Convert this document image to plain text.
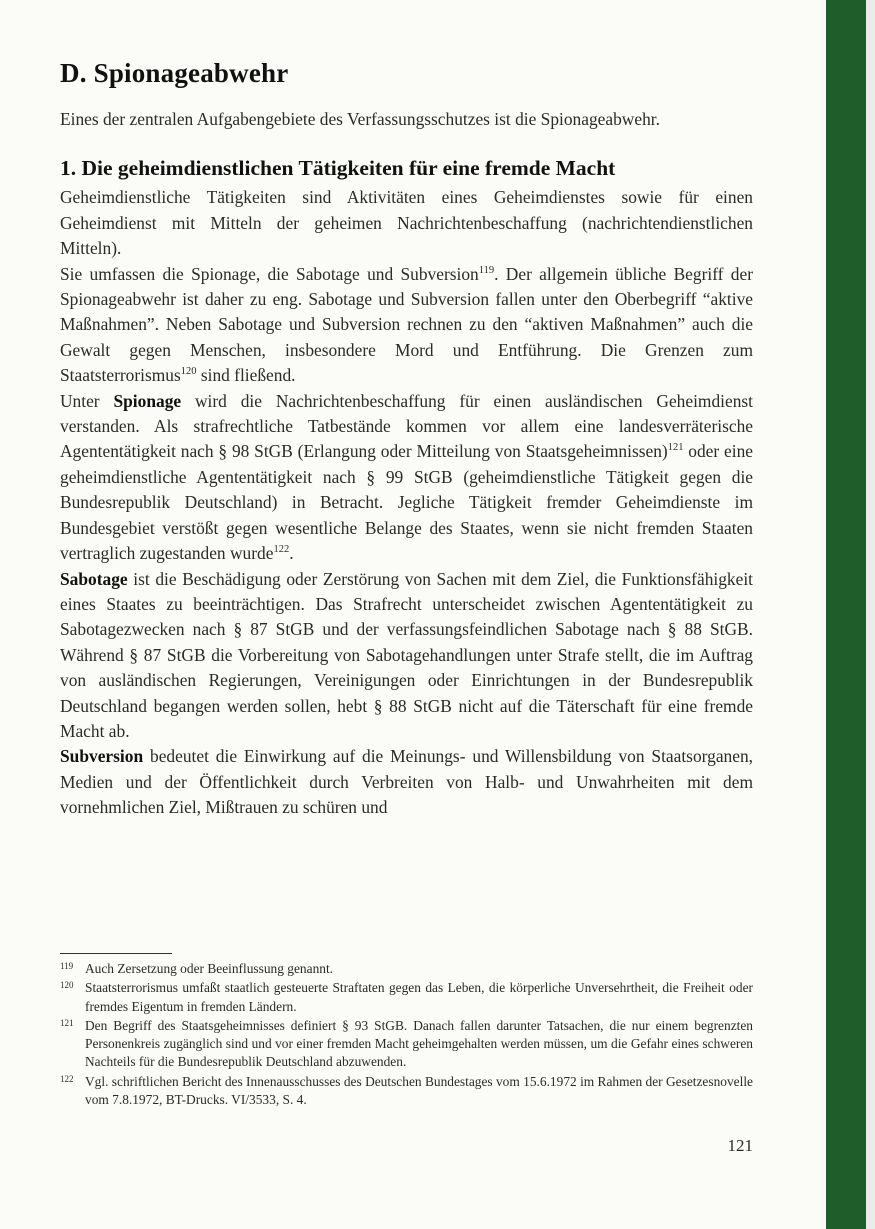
D. Spionageabwehr

Eines der zentralen Aufgabengebiete des Verfassungsschutzes ist die Spionageabwehr.

1. Die geheimdienstlichen Tätigkeiten für eine fremde Macht

Geheimdienstliche Tätigkeiten sind Aktivitäten eines Geheimdienstes sowie für einen Geheimdienst mit Mitteln der geheimen Nachrichtenbeschaffung (nachrichtendienstlichen Mitteln).

Sie umfassen die Spionage, die Sabotage und Subversion$^{119}$. Der allgemein übliche Begriff der Spionageabwehr ist daher zu eng. Sabotage und Subversion fallen unter den Oberbegriff “aktive Maßnahmen”. Neben Sabotage und Subversion rechnen zu den “aktiven Maßnahmen” auch die Gewalt gegen Menschen, insbesondere Mord und Entführung. Die Grenzen zum Staatsterrorismus$^{120}$ sind fließend.

Unter Spionage wird die Nachrichtenbeschaffung für einen ausländischen Geheimdienst verstanden. Als strafrechtliche Tatbestände kommen vor allem eine landesverräterische Agententätigkeit nach § 98 StGB (Erlangung oder Mitteilung von Staatsgeheimnissen)$^{121}$ oder eine geheimdienstliche Agententätigkeit nach § 99 StGB (geheimdienstliche Tätigkeit gegen die Bundesrepublik Deutschland) in Betracht. Jegliche Tätigkeit fremder Geheimdienste im Bundesgebiet verstößt gegen wesentliche Belange des Staates, wenn sie nicht fremden Staaten vertraglich zugestanden wurde$^{122}$.

Sabotage ist die Beschädigung oder Zerstörung von Sachen mit dem Ziel, die Funktionsfähigkeit eines Staates zu beeinträchtigen. Das Strafrecht unterscheidet zwischen Agententätigkeit zu Sabotagezwecken nach § 87 StGB und der verfassungsfeindlichen Sabotage nach § 88 StGB. Während § 87 StGB die Vorbereitung von Sabotagehandlungen unter Strafe stellt, die im Auftrag von ausländischen Regierungen, Vereinigungen oder Einrichtungen in der Bundesrepublik Deutschland begangen werden sollen, hebt § 88 StGB nicht auf die Täterschaft für eine fremde Macht ab.

Subversion bedeutet die Einwirkung auf die Meinungs- und Willensbildung von Staatsorganen, Medien und der Öffentlichkeit durch Verbreiten von Halb- und Unwahrheiten mit dem vornehmlichen Ziel, Mißtrauen zu schüren und

119 Auch Zersetzung oder Beeinflussung genannt.
120 Staatsterrorismus umfaßt staatlich gesteuerte Straftaten gegen das Leben, die körperliche Unversehrtheit, die Freiheit oder fremdes Eigentum in fremden Ländern.
121 Den Begriff des Staatsgeheimnisses definiert § 93 StGB. Danach fallen darunter Tatsachen, die nur einem begrenzten Personenkreis zugänglich sind und vor einer fremden Macht geheimgehalten werden müssen, um die Gefahr eines schweren Nachteils für die Bundesrepublik Deutschland abzuwenden.
122 Vgl. schriftlichen Bericht des Innenausschusses des Deutschen Bundestages vom 15.6.1972 im Rahmen der Gesetzesnovelle vom 7.8.1972, BT-Drucks. VI/3533, S. 4.
121
